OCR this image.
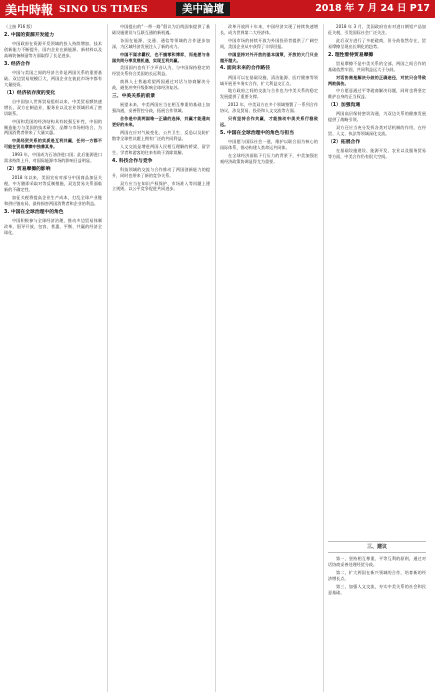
美中時報 SINO US TIMES	美中論壇	2018 年 7 月 24 日 P17

（上接 P16 版）

2. 中国的资源开发能力

中国政府在资源开发领域的投入持续增加，技术创新能力不断提升，国内企业在新能源、新材料以及高端装备制造等方面取得了长足进步。

3. 经济合作

中国与美国之间的经济合作是两国关系的重要基础。双边贸易规模巨大，两国企业在彼此市场中都有大量投资。

（1）经济依存度的变化

自中国加入世界贸易组织以来，中美贸易额快速增长，双方在制造业、服务业以及农业领域形成了密切联系。

中国和美国的经济结构具有较强互补性，中国的制造能力与美国的技术研发、品牌与市场相结合，为两国消费者带来了大量实惠。

中美经贸关系的实质是互利共赢，任何一方都不可能在贸易摩擦中独善其身。

1993 年，中国成为石油净进口国；此后能源进口需求持续上升，对国际能源市场的影响日益明显。

（2）贸易摩擦的影响

2018 年以来，美国宣布对部分中国商品加征关税，中方随即采取对等反制措施，双边贸易关系面临新的不确定性。

加征关税将提高企业生产成本，打乱全球产业链和供应链布局，最终损害两国消费者和企业的利益。

3. 中国在全球治理中的角色

中国积极参与全球经济治理，推动多边贸易体制改革，倡导开放、包容、普惠、平衡、共赢的经济全球化。

中国提出的“一带一路”倡议为沿线国家提供了基础设施建设与互联互通的新机遇。

各国在能源、交通、通信等领域的合作逐步加深，为区域经济发展注入了新的动力。

中国不谋求霸权，也不搞零和博弈，而是愿与各国共同分享发展机遇，实现互利共赢。

美国国内也有不少声音认为，与中国保持稳定的经贸关系符合美国的长远利益。

商界人士普遍希望两国通过对话与协商解决分歧，避免冲突升级影响全球经济复苏。

三、中美关系的前景

展望未来，中美两国应当在相互尊重的基础上加强沟通，妥善管控分歧，拓展合作领域。

合作是中美两国唯一正确的选择，共赢才能通向更好的未来。

两国在应对气候变化、公共卫生、反恐以及防扩散等全球性议题上拥有广泛的共同利益。

人文交流是增进两国人民相互理解的桥梁，留学生、学者和游客的往来有助于消除误解。

4. 科技合作与竞争

科技领域的交流与合作推动了两国创新能力的提升，同时也带来了新的竞争关系。

双方应当在知识产权保护、市场准入等问题上建立规则，以公平竞争促进共同进步。

改革开放四十年来，中国经济实现了持续快速增长，成为世界第二大经济体。

中国市场的持续开放为外国投资者提供了广阔空间，美国企业从中获得了丰厚回报。

中国坚持对外开放的基本国策，开放的大门只会越开越大。

4. 面向未来的合作路径

两国可以在基础设施、清洁能源、医疗健康等领域开展更多务实合作，扩大利益交汇点。

地方政府之间的交流与合作也为中美关系的稳定发展提供了重要支撑。

2012 年，中美双方在多个领域签署了一系列合作协议，涉及贸易、投资和人文交流等方面。

只有坚持合作共赢，才能推动中美关系行稳致远。

5. 中国在全球治理中的角色与担当

中国愿与国际社会一道，维护以联合国为核心的国际体系，推动构建人类命运共同体。

在全球经济面临下行压力的背景下，中美加强宏观经济政策协调显得尤为重要。

2018 年 3 月，美国政府宣布对进口钢铝产品加征关税，引发国际社会广泛关注。

此后双方进行了多轮磋商，但分歧依然存在，贸易摩擦呈现出长期化的趋势。

2. 理性看待贸易摩擦

贸易摩擦不是中美关系的全部，两国之间合作的基础依然牢固，共同利益远大于分歧。

对话协商是解决分歧的正确途径，对抗只会导致两败俱伤。

中方愿意通过平等磋商解决问题，同时也将坚定维护自身的正当权益。

（1）加强沟通

两国高层保持密切沟通，为双边关系的健康发展提供了战略引领。

双方还应当充分发挥各类对话机制的作用，在经贸、人文、执法等领域深化交流。

（2）拓展合作

在基础设施建设、能源开发、农业以及服务贸易等方面，中美合作仍有很大空间。

三、建议

第一，坚持相互尊重、平等互利的原则，通过对话协商妥善处理经贸分歧。

第二，扩大两国在新兴领域的合作，培育新的经济增长点。

第三，加强人文交流，夯实中美关系的社会和民意基础。
